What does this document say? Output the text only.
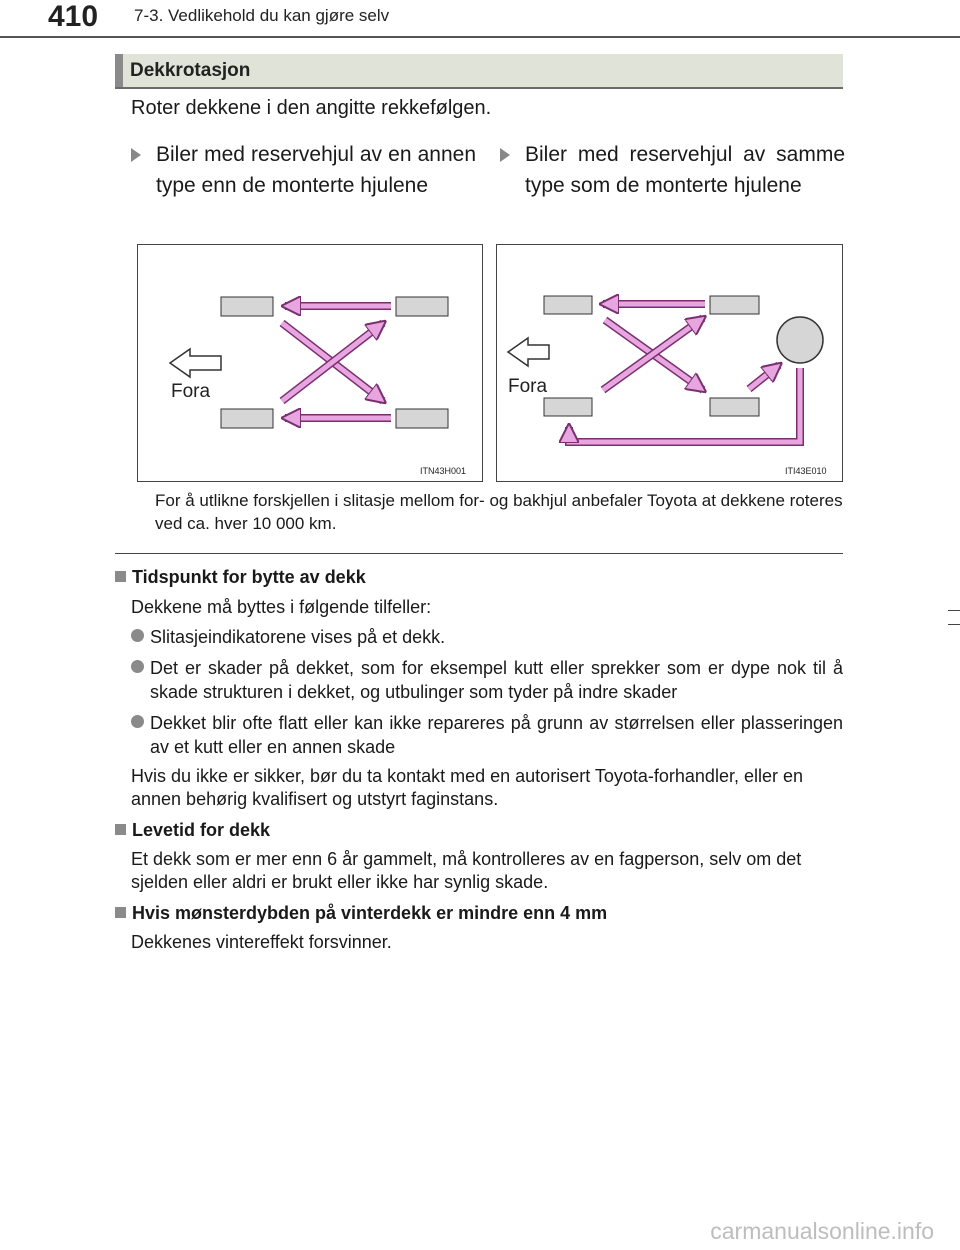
410 7-3. Vedlikehold du kan gjøre selv
Dekkrotasjon
Roter dekkene i den angitte rekkefølgen.
Biler med reservehjul av en annen type enn de monterte hjulene
Biler med reservehjul av samme type som de monterte hjulene
Fora
ITN43H001
Fora
ITI43E010
For å utlikne forskjellen i slitasje mellom for- og bakhjul anbefaler Toyota at dekkene roteres ved ca. hver 10 000 km.
Tidspunkt for bytte av dekk
Dekkene må byttes i følgende tilfeller:
Slitasjeindikatorene vises på et dekk.
Det er skader på dekket, som for eksempel kutt eller sprekker som er dype nok til å skade strukturen i dekket, og utbulinger som tyder på indre skader
Dekket blir ofte flatt eller kan ikke repareres på grunn av størrelsen eller plasseringen av et kutt eller en annen skade
Hvis du ikke er sikker, bør du ta kontakt med en autorisert Toyota-forhandler, eller en annen behørig kvalifisert og utstyrt faginstans.
Levetid for dekk
Et dekk som er mer enn 6 år gammelt, må kontrolleres av en fagperson, selv om det sjelden eller aldri er brukt eller ikke har synlig skade.
Hvis mønsterdybden på vinterdekk er mindre enn 4 mm
Dekkenes vintereffekt forsvinner.
carmanualsonline.info
